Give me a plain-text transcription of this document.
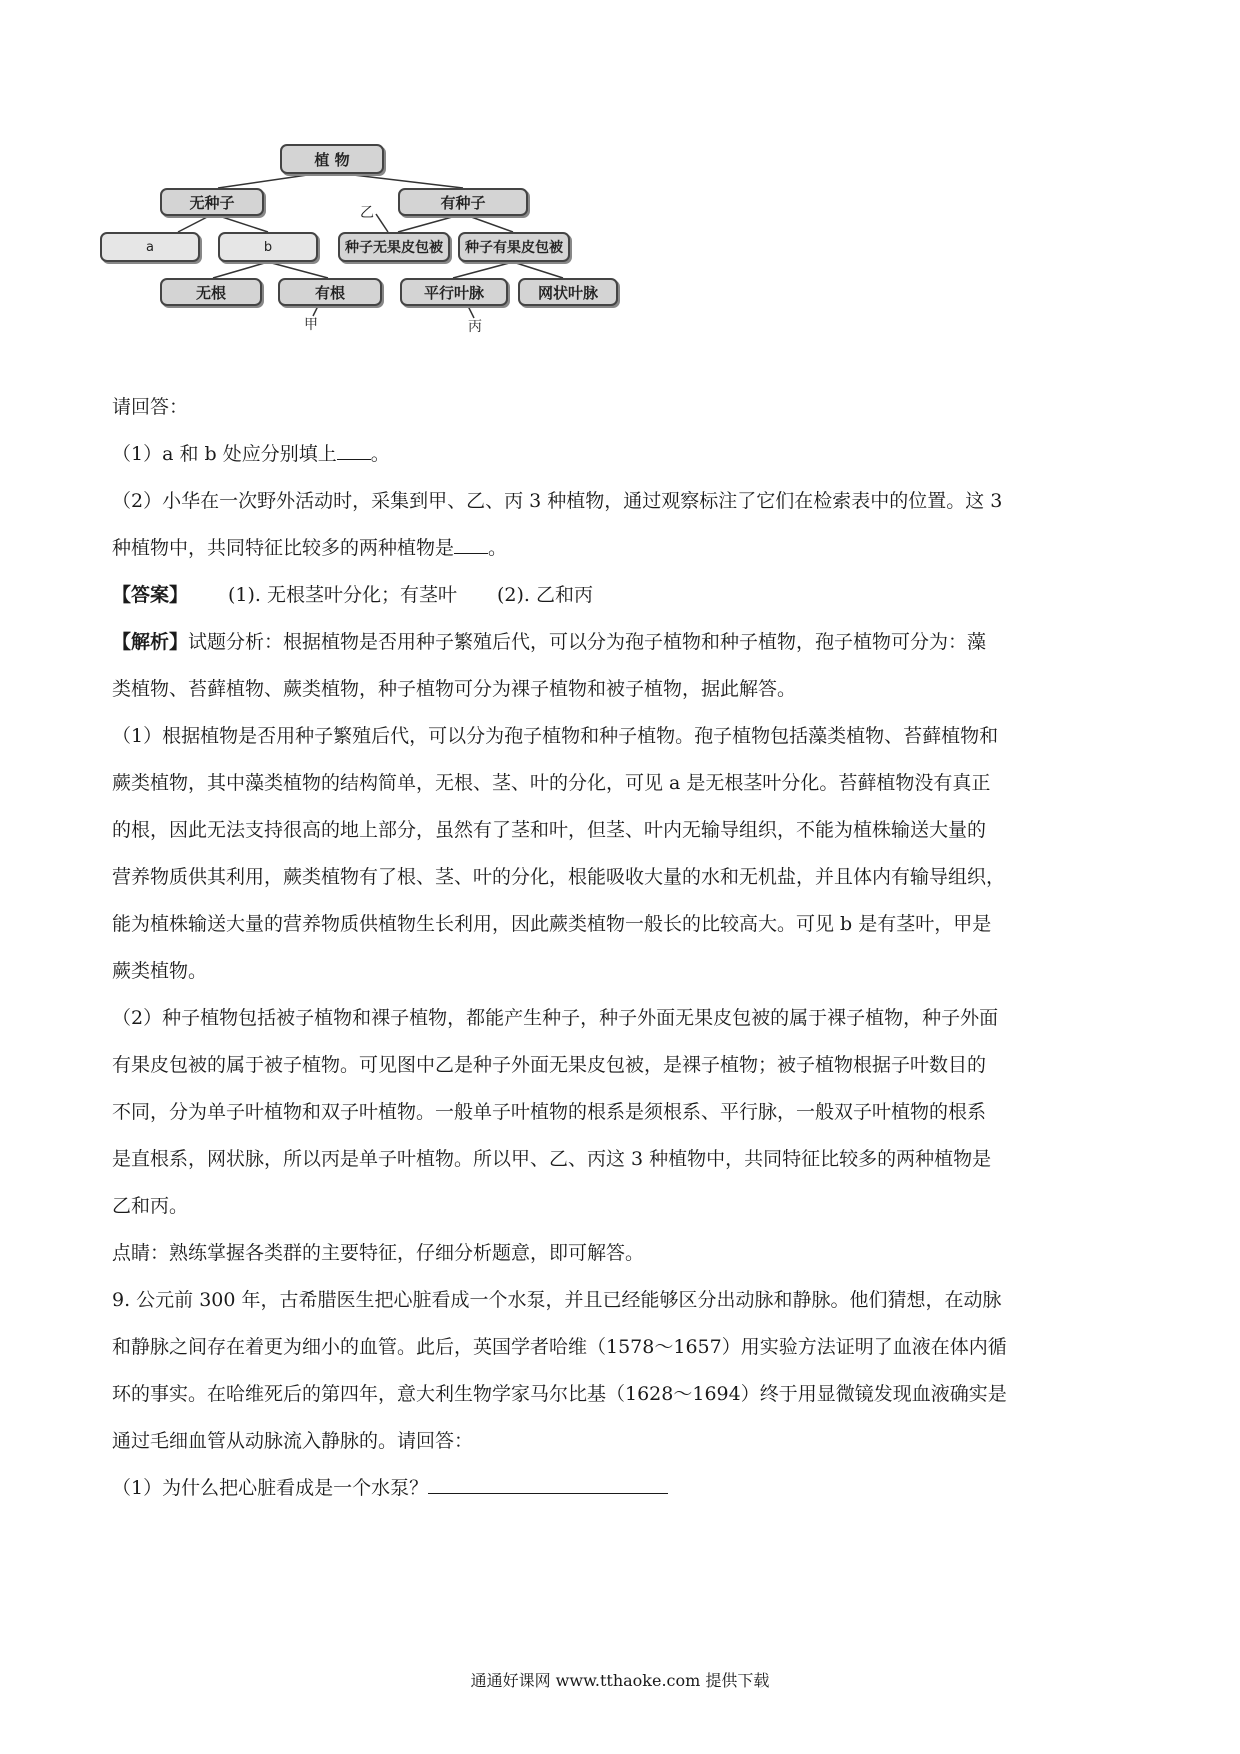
植 物
无种子	有种子
a	b	种子无果皮包被	种子有果皮包被
无根	有根	平行叶脉	网状叶脉
乙
甲	丙
请回答：
（1）a 和 b 处应分别填上 。
（2）小华在一次野外活动时，采集到甲、乙、丙 3 种植物，通过观察标注了它们在检索表中的位置。这 3
种植物中，共同特征比较多的两种植物是 。
【答案】 (1). 无根茎叶分化；有茎叶 (2). 乙和丙
【解析】试题分析：根据植物是否用种子繁殖后代，可以分为孢子植物和种子植物，孢子植物可分为：藻
类植物、苔藓植物、蕨类植物，种子植物可分为裸子植物和被子植物，据此解答。
（1）根据植物是否用种子繁殖后代，可以分为孢子植物和种子植物。孢子植物包括藻类植物、苔藓植物和
蕨类植物，其中藻类植物的结构简单，无根、茎、叶的分化，可见 a 是无根茎叶分化。苔藓植物没有真正
的根，因此无法支持很高的地上部分，虽然有了茎和叶，但茎、叶内无输导组织，不能为植株输送大量的
营养物质供其利用，蕨类植物有了根、茎、叶的分化，根能吸收大量的水和无机盐，并且体内有输导组织，
能为植株输送大量的营养物质供植物生长利用，因此蕨类植物一般长的比较高大。可见 b 是有茎叶，甲是
蕨类植物。
（2）种子植物包括被子植物和裸子植物，都能产生种子，种子外面无果皮包被的属于裸子植物，种子外面
有果皮包被的属于被子植物。可见图中乙是种子外面无果皮包被，是裸子植物；被子植物根据子叶数目的
不同，分为单子叶植物和双子叶植物。一般单子叶植物的根系是须根系、平行脉，一般双子叶植物的根系
是直根系，网状脉，所以丙是单子叶植物。所以甲、乙、丙这 3 种植物中，共同特征比较多的两种植物是
乙和丙。
点睛：熟练掌握各类群的主要特征，仔细分析题意，即可解答。
9. 公元前 300 年，古希腊医生把心脏看成一个水泵，并且已经能够区分出动脉和静脉。他们猜想，在动脉
和静脉之间存在着更为细小的血管。此后，英国学者哈维（1578～1657）用实验方法证明了血液在体内循
环的事实。在哈维死后的第四年，意大利生物学家马尔比基（1628～1694）终于用显微镜发现血液确实是
通过毛细血管从动脉流入静脉的。请回答：
（1）为什么把心脏看成是一个水泵？
通通好课网 www.tthaoke.com 提供下载
